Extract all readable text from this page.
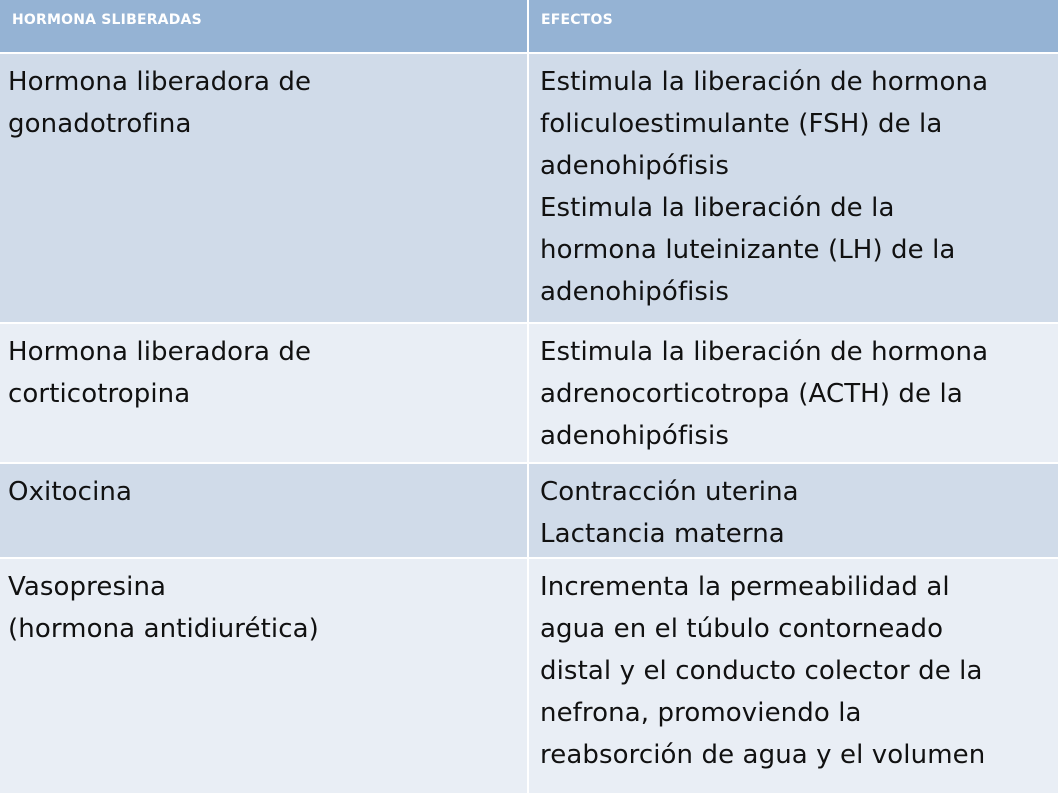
HORMONA SLIBERADAS	EFECTOS
Hormona liberadora de
gonadotrofina
Estimula la liberación de hormona
foliculoestimulante (FSH) de la
adenohipófisis
Estimula la liberación de la
hormona luteinizante (LH) de la
adenohipófisis
Hormona liberadora de
corticotropina
Estimula la liberación de hormona
adrenocorticotropa (ACTH) de la
adenohipófisis
Oxitocina	Contracción uterina
Lactancia materna
Vasopresina
(hormona antidiurética)
Incrementa la permeabilidad al
agua en el túbulo contorneado
distal y el conducto colector de la
nefrona, promoviendo la
reabsorción de agua y el volumen
